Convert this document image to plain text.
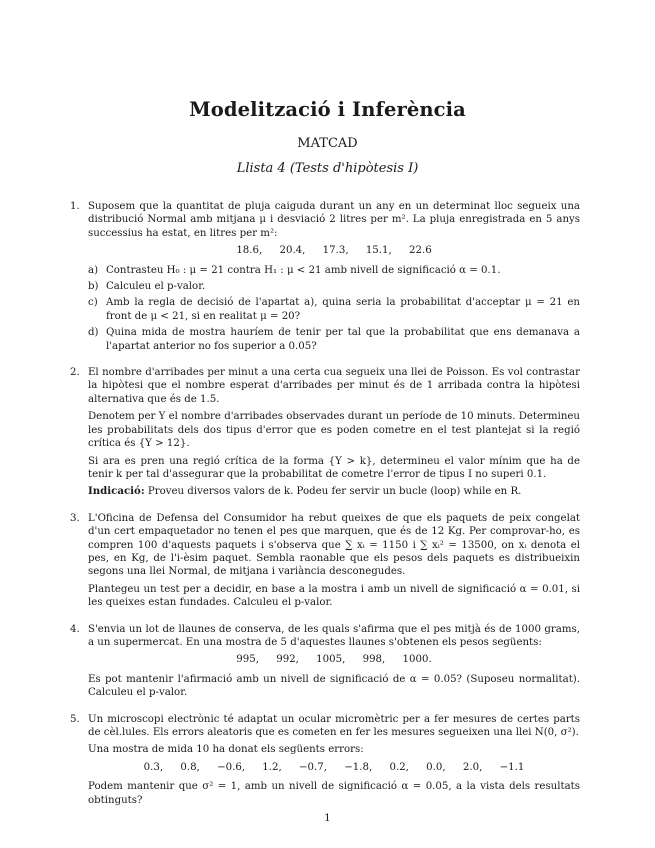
Modelització i Inferència
MATCAD
Llista 4 (Tests d'hipòtesis I)
1. Suposem que la quantitat de pluja caiguda durant un any en un determinat lloc segueix una distribució Normal amb mitjana μ i desviació 2 litres per m². La pluja enregistrada en 5 anys successius ha estat, en litres per m²:

18.6, 20.4, 17.3, 15.1, 22.6
a) Contrasteu H₀ : μ = 21 contra H₁ : μ < 21 amb nivell de significació α = 0.1.
b) Calculeu el p-valor.
c) Amb la regla de decisió de l'apartat a), quina seria la probabilitat d'acceptar μ = 21 en front de μ < 21, si en realitat μ = 20?
d) Quina mida de mostra hauríem de tenir per tal que la probabilitat que ens demanava a l'apartat anterior no fos superior a 0.05?
2. El nombre d'arribades per minut a una certa cua segueix una llei de Poisson. Es vol contrastar la hipòtesi que el nombre esperat d'arribades per minut és de 1 arribada contra la hipòtesi alternativa que és de 1.5.

Denotem per Y el nombre d'arribades observades durant un període de 10 minuts. Determineu les probabilitats dels dos tipus d'error que es poden cometre en el test plantejat si la regió crítica és {Y > 12}.

Si ara es pren una regió crítica de la forma {Y > k}, determineu el valor mínim que ha de tenir k per tal d'assegurar que la probabilitat de cometre l'error de tipus I no superi 0.1.

Indicació: Proveu diversos valors de k. Podeu fer servir un bucle (loop) while en R.

3. L'Oficina de Defensa del Consumidor ha rebut queixes de que els paquets de peix congelat d'un cert empaquetador no tenen el pes que marquen, que és de 12 Kg. Per comprovar-ho, es compren 100 d'aquests paquets i s'observa que ∑ xᵢ = 1150 i ∑ xᵢ² = 13500, on xᵢ denota el pes, en Kg, de l'i-èsim paquet. Sembla raonable que els pesos dels paquets es distribueixin segons una llei Normal, de mitjana i variància desconegudes.

Plantegeu un test per a decidir, en base a la mostra i amb un nivell de significació α = 0.01, si les queixes estan fundades. Calculeu el p-valor.

4. S'envia un lot de llaunes de conserva, de les quals s'afirma que el pes mitjà és de 1000 grams, a un supermercat. En una mostra de 5 d'aquestes llaunes s'obtenen els pesos següents:

995, 992, 1005, 998, 1000.

Es pot mantenir l'afirmació amb un nivell de significació de α = 0.05? (Suposeu normalitat). Calculeu el p-valor.

5. Un microscopi electrònic té adaptat un ocular micromètric per a fer mesures de certes parts de cèl.lules. Els errors aleatoris que es cometen en fer les mesures segueixen una llei N(0, σ²).

Una mostra de mida 10 ha donat els següents errors:

0.3, 0.8, −0.6, 1.2, −0.7, −1.8, 0.2, 0.0, 2.0, −1.1

Podem mantenir que σ² = 1, amb un nivell de significació α = 0.05, a la vista dels resultats obtinguts?

1
